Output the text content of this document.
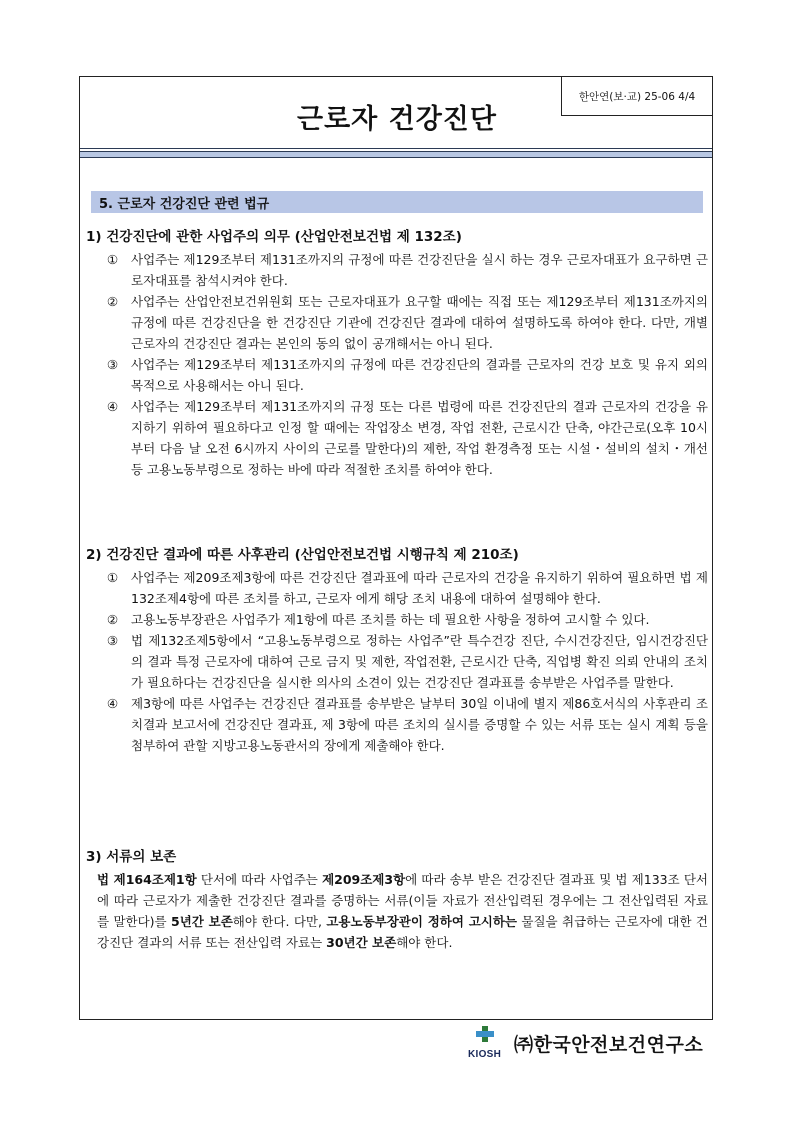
근로자 건강진단
한안연(보·교) 25-06 4/4
5. 근로자 건강진단 관련 법규
1) 건강진단에 관한 사업주의 의무 (산업안전보건법 제 132조)
①	사업주는 제129조부터 제131조까지의 규정에 따른 건강진단을 실시 하는 경우 근로자대표가 요구하면 근로자대표를 참석시켜야 한다.
②	사업주는 산업안전보건위원회 또는 근로자대표가 요구할 때에는 직접 또는 제129조부터 제131조까지의 규정에 따른 건강진단을 한 건강진단 기관에 건강진단 결과에 대하여 설명하도록 하여야 한다. 다만, 개별 근로자의 건강진단 결과는 본인의 동의 없이 공개해서는 아니 된다.
③	사업주는 제129조부터 제131조까지의 규정에 따른 건강진단의 결과를 근로자의 건강 보호 및 유지 외의 목적으로 사용해서는 아니 된다.
④	사업주는 제129조부터 제131조까지의 규정 또는 다른 법령에 따른 건강진단의 결과 근로자의 건강을 유지하기 위하여 필요하다고 인정 할 때에는 작업장소 변경, 작업 전환, 근로시간 단축, 야간근로(오후 10시부터 다음 날 오전 6시까지 사이의 근로를 말한다)의 제한, 작업 환경측정 또는 시설・설비의 설치・개선 등 고용노동부령으로 정하는 바에 따라 적절한 조치를 하여야 한다.
2) 건강진단 결과에 따른 사후관리 (산업안전보건법 시행규칙 제 210조)
①	사업주는 제209조제3항에 따른 건강진단 결과표에 따라 근로자의 건강을 유지하기 위하여 필요하면 법 제132조제4항에 따른 조치를 하고, 근로자 에게 해당 조치 내용에 대하여 설명해야 한다.
②	고용노동부장관은 사업주가 제1항에 따른 조치를 하는 데 필요한 사항을 정하여 고시할 수 있다.
③	법 제132조제5항에서 “고용노동부령으로 정하는 사업주”란 특수건강 진단, 수시건강진단, 임시건강진단의 결과 특정 근로자에 대하여 근로 금지 및 제한, 작업전환, 근로시간 단축, 직업병 확진 의뢰 안내의 조치가 필요하다는 건강진단을 실시한 의사의 소견이 있는 건강진단 결과표를 송부받은 사업주를 말한다.
④	제3항에 따른 사업주는 건강진단 결과표를 송부받은 날부터 30일 이내에 별지 제86호서식의 사후관리 조치결과 보고서에 건강진단 결과표, 제 3항에 따른 조치의 실시를 증명할 수 있는 서류 또는 실시 계획 등을 첨부하여 관할 지방고용노동관서의 장에게 제출해야 한다.
3) 서류의 보존
법 제164조제1항 단서에 따라 사업주는 제209조제3항에 따라 송부 받은 건강진단 결과표 및 법 제133조 단서에 따라 근로자가 제출한 건강진단 결과를 증명하는 서류(이들 자료가 전산입력된 경우에는 그 전산입력된 자료를 말한다)를 5년간 보존해야 한다. 다만, 고용노동부장관이 정하여 고시하는 물질을 취급하는 근로자에 대한 건강진단 결과의 서류 또는 전산입력 자료는 30년간 보존해야 한다.
KIOSH ㈜한국안전보건연구소
